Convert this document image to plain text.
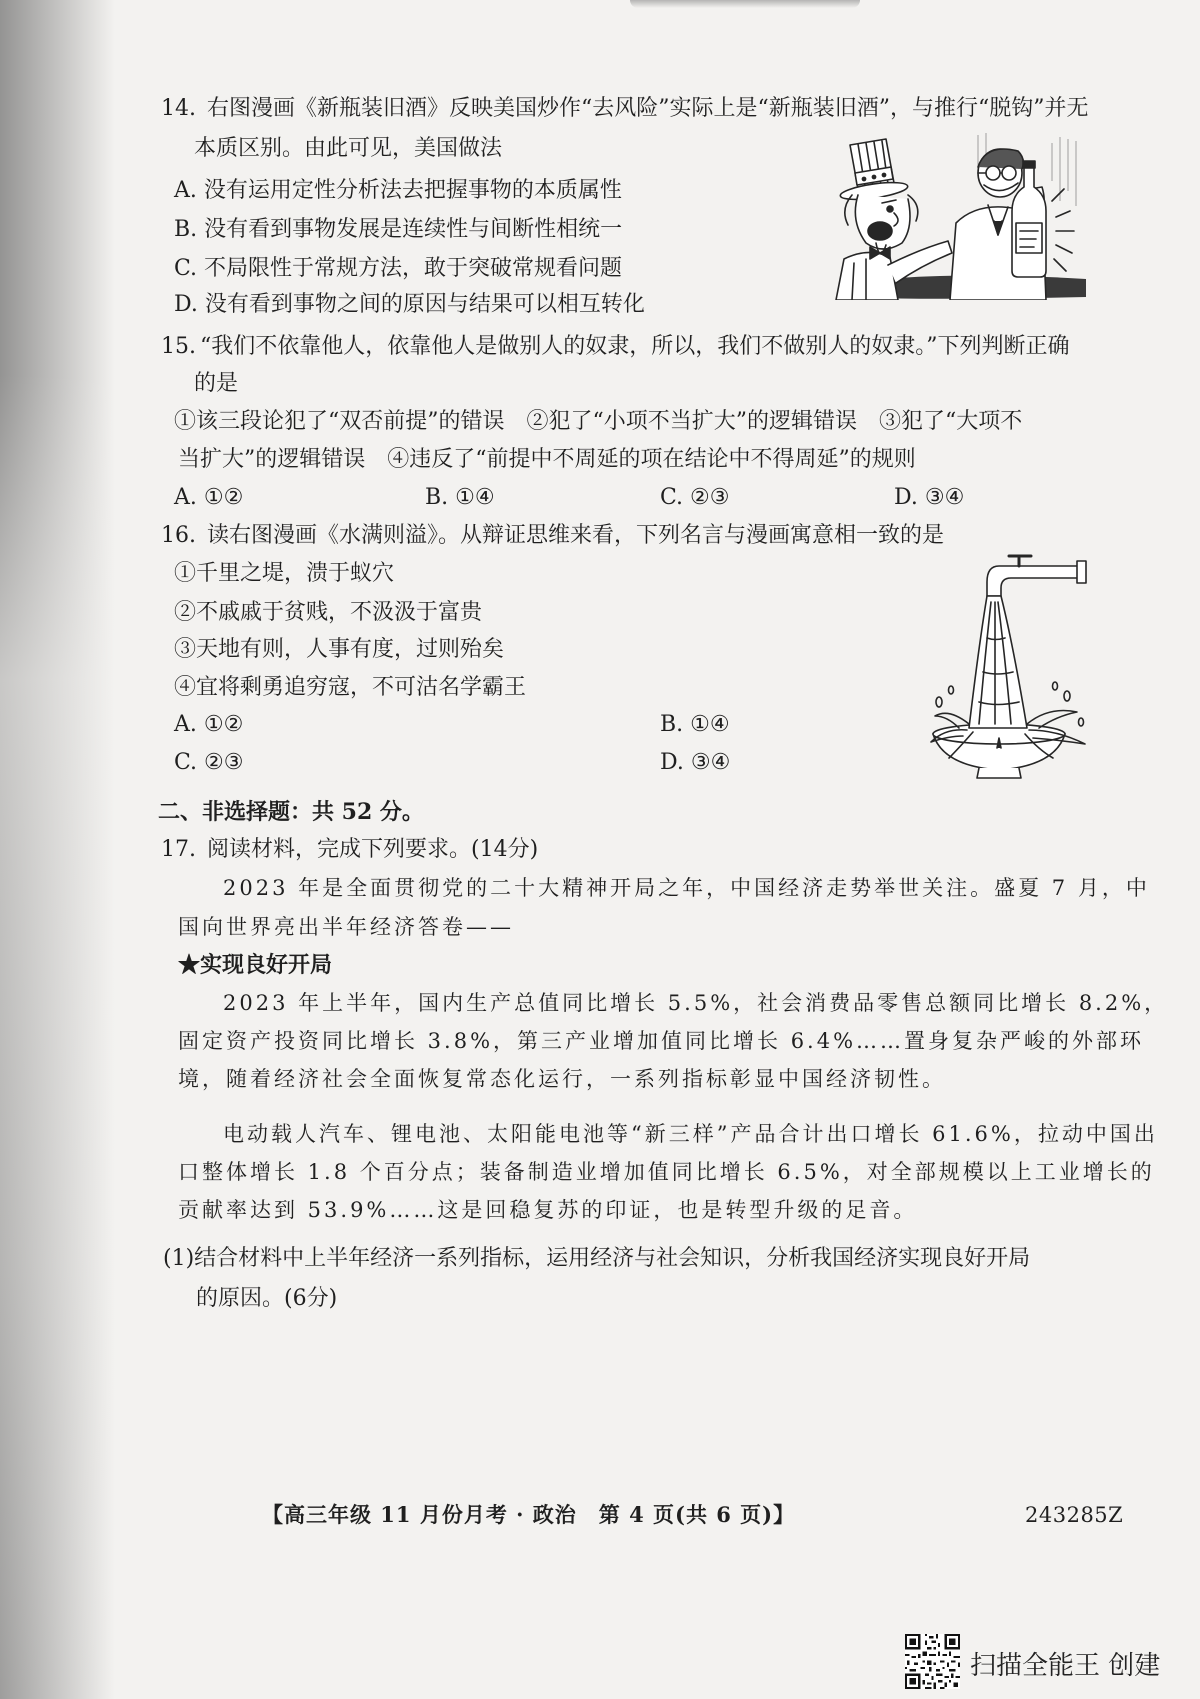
14. 右图漫画《新瓶装旧酒》反映美国炒作“去风险”实际上是“新瓶装旧酒”，与推行“脱钩”并无
本质区别。由此可见，美国做法
A. 没有运用定性分析法去把握事物的本质属性
B. 没有看到事物发展是连续性与间断性相统一
C. 不局限性于常规方法，敢于突破常规看问题
D. 没有看到事物之间的原因与结果可以相互转化
15. “我们不依靠他人，依靠他人是做别人的奴隶，所以，我们不做别人的奴隶。”下列判断正确
的是
①该三段论犯了“双否前提”的错误　②犯了“小项不当扩大”的逻辑错误　③犯了“大项不
当扩大”的逻辑错误　④违反了“前提中不周延的项在结论中不得周延”的规则
A. ①②	B. ①④	C. ②③	D. ③④
16. 读右图漫画《水满则溢》。从辩证思维来看，下列名言与漫画寓意相一致的是
①千里之堤，溃于蚁穴
②不戚戚于贫贱，不汲汲于富贵
③天地有则，人事有度，过则殆矣
④宜将剩勇追穷寇，不可沽名学霸王
A. ①②	B. ①④
C. ②③	D. ③④
二、非选择题：共 52 分。
17. 阅读材料，完成下列要求。(14分)
2023 年是全面贯彻党的二十大精神开局之年，中国经济走势举世关注。盛夏 7 月，中
国向世界亮出半年经济答卷——
★实现良好开局
2023 年上半年，国内生产总值同比增长 5.5%，社会消费品零售总额同比增长 8.2%，
固定资产投资同比增长 3.8%，第三产业增加值同比增长 6.4%……置身复杂严峻的外部环
境，随着经济社会全面恢复常态化运行，一系列指标彰显中国经济韧性。
电动载人汽车、锂电池、太阳能电池等“新三样”产品合计出口增长 61.6%，拉动中国出
口整体增长 1.8 个百分点；装备制造业增加值同比增长 6.5%，对全部规模以上工业增长的
贡献率达到 53.9%……这是回稳复苏的印证，也是转型升级的足音。
(1)结合材料中上半年经济一系列指标，运用经济与社会知识，分析我国经济实现良好开局
的原因。(6分)
【高三年级 11 月份月考 · 政治　第 4 页(共 6 页)】	243285Z
扫描全能王 创建
